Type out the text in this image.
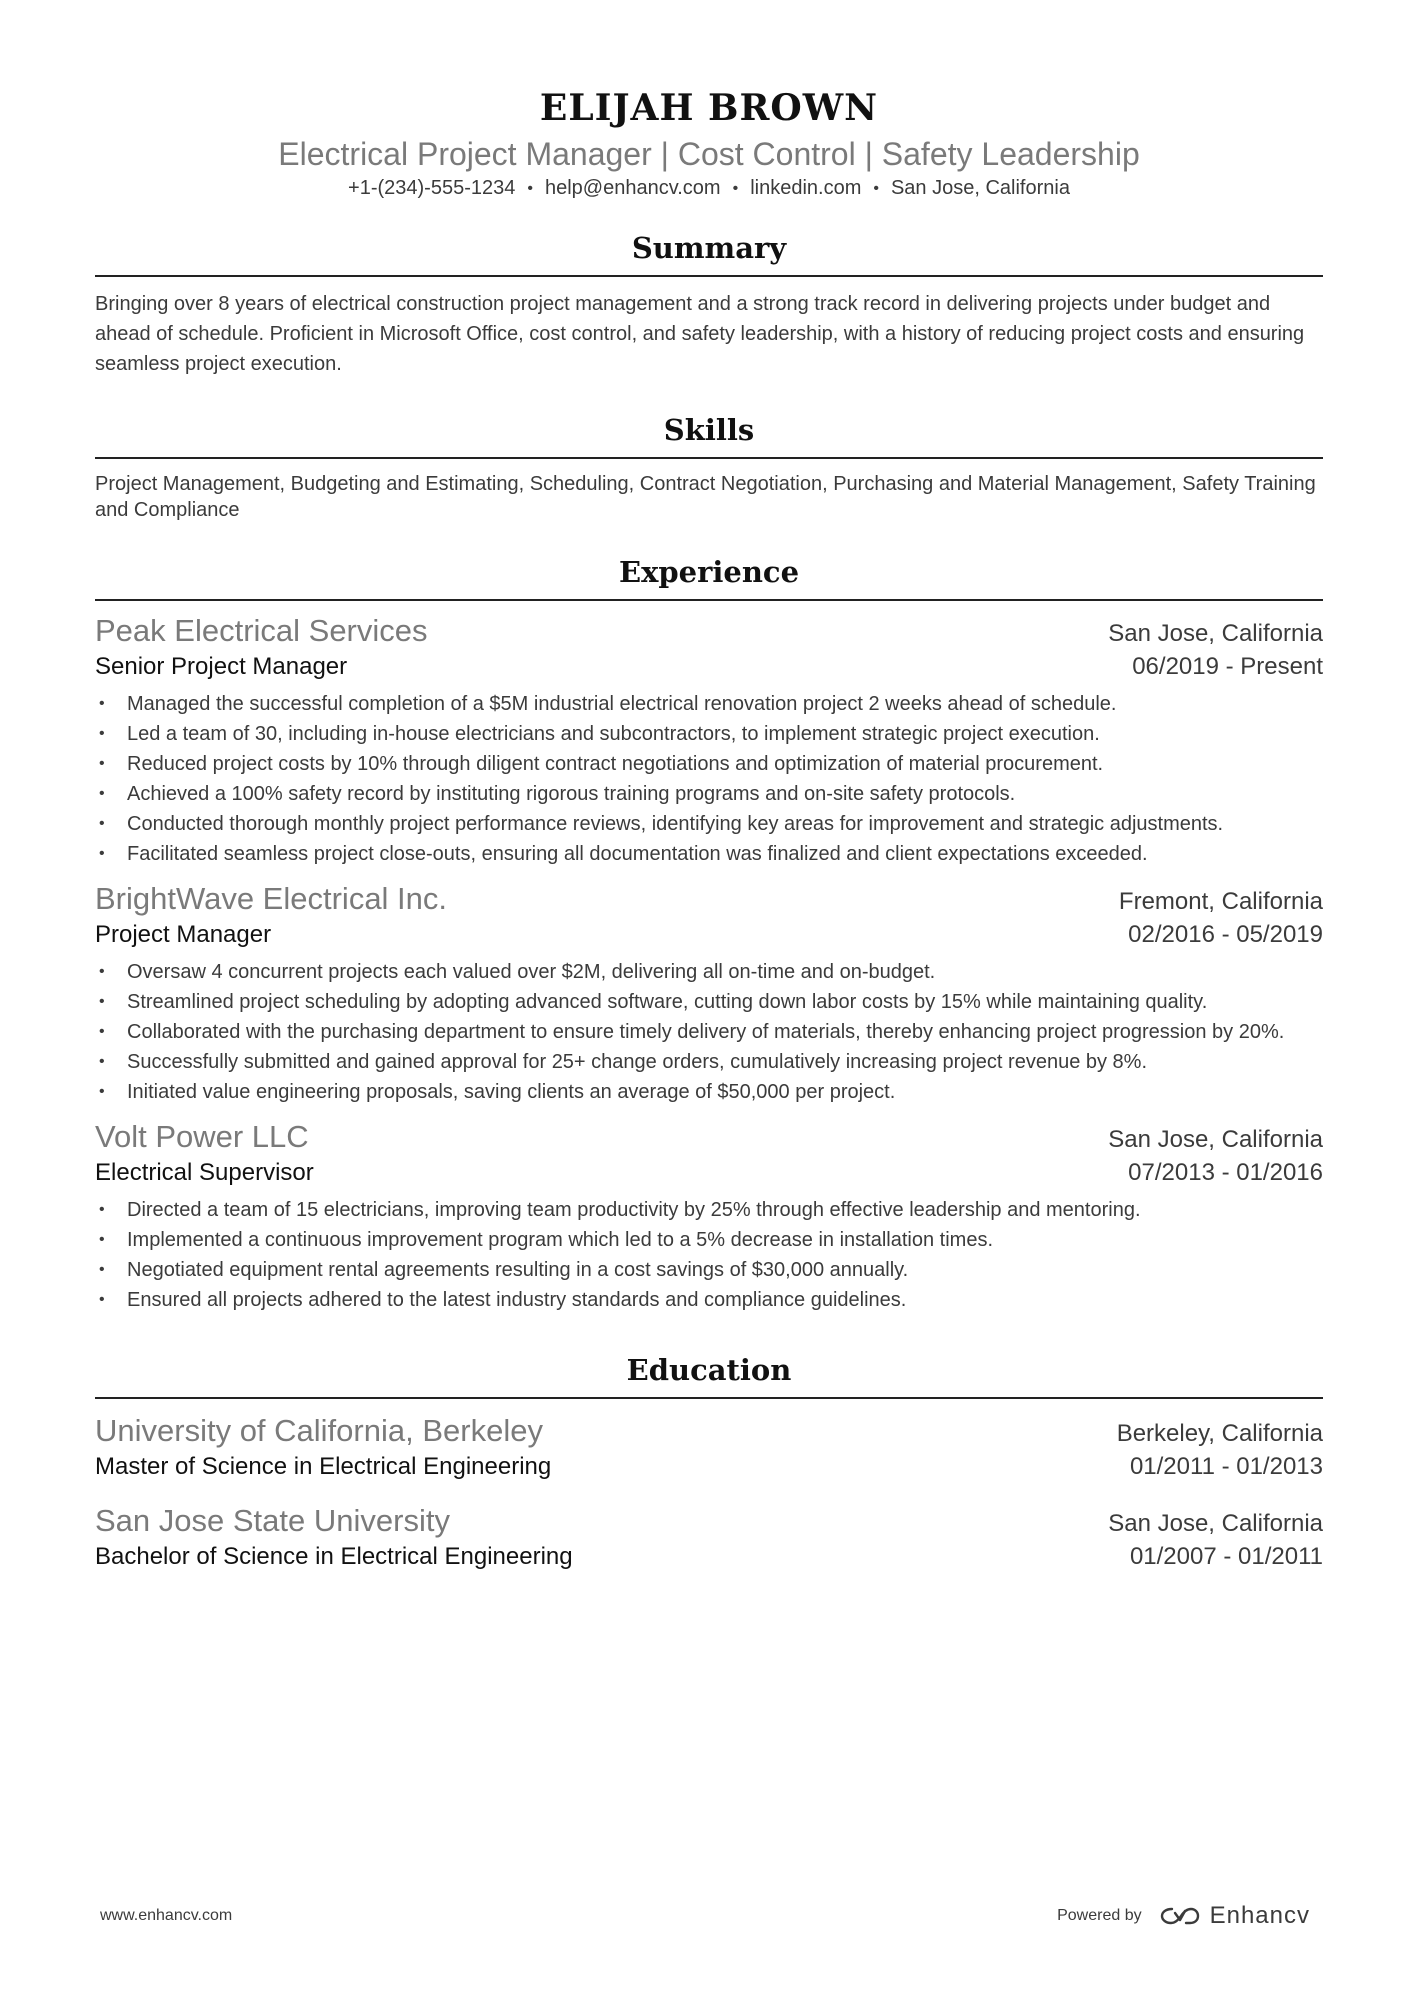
ELIJAH BROWN
Electrical Project Manager | Cost Control | Safety Leadership
+1-(234)-555-1234 • help@enhancv.com • linkedin.com • San Jose, California
Summary
Bringing over 8 years of electrical construction project management and a strong track record in delivering projects under budget and ahead of schedule. Proficient in Microsoft Office, cost control, and safety leadership, with a history of reducing project costs and ensuring seamless project execution.
Skills
Project Management, Budgeting and Estimating, Scheduling, Contract Negotiation, Purchasing and Material Management, Safety Training and Compliance
Experience
Peak Electrical Services	San Jose, California
Senior Project Manager	06/2019 - Present
• Managed the successful completion of a $5M industrial electrical renovation project 2 weeks ahead of schedule.
• Led a team of 30, including in-house electricians and subcontractors, to implement strategic project execution.
• Reduced project costs by 10% through diligent contract negotiations and optimization of material procurement.
• Achieved a 100% safety record by instituting rigorous training programs and on-site safety protocols.
• Conducted thorough monthly project performance reviews, identifying key areas for improvement and strategic adjustments.
• Facilitated seamless project close-outs, ensuring all documentation was finalized and client expectations exceeded.
BrightWave Electrical Inc.	Fremont, California
Project Manager	02/2016 - 05/2019
• Oversaw 4 concurrent projects each valued over $2M, delivering all on-time and on-budget.
• Streamlined project scheduling by adopting advanced software, cutting down labor costs by 15% while maintaining quality.
• Collaborated with the purchasing department to ensure timely delivery of materials, thereby enhancing project progression by 20%.
• Successfully submitted and gained approval for 25+ change orders, cumulatively increasing project revenue by 8%.
• Initiated value engineering proposals, saving clients an average of $50,000 per project.
Volt Power LLC	San Jose, California
Electrical Supervisor	07/2013 - 01/2016
• Directed a team of 15 electricians, improving team productivity by 25% through effective leadership and mentoring.
• Implemented a continuous improvement program which led to a 5% decrease in installation times.
• Negotiated equipment rental agreements resulting in a cost savings of $30,000 annually.
• Ensured all projects adhered to the latest industry standards and compliance guidelines.
Education
University of California, Berkeley	Berkeley, California
Master of Science in Electrical Engineering	01/2011 - 01/2013
San Jose State University	San Jose, California
Bachelor of Science in Electrical Engineering	01/2007 - 01/2011
www.enhancv.com	Powered by	Enhancv
